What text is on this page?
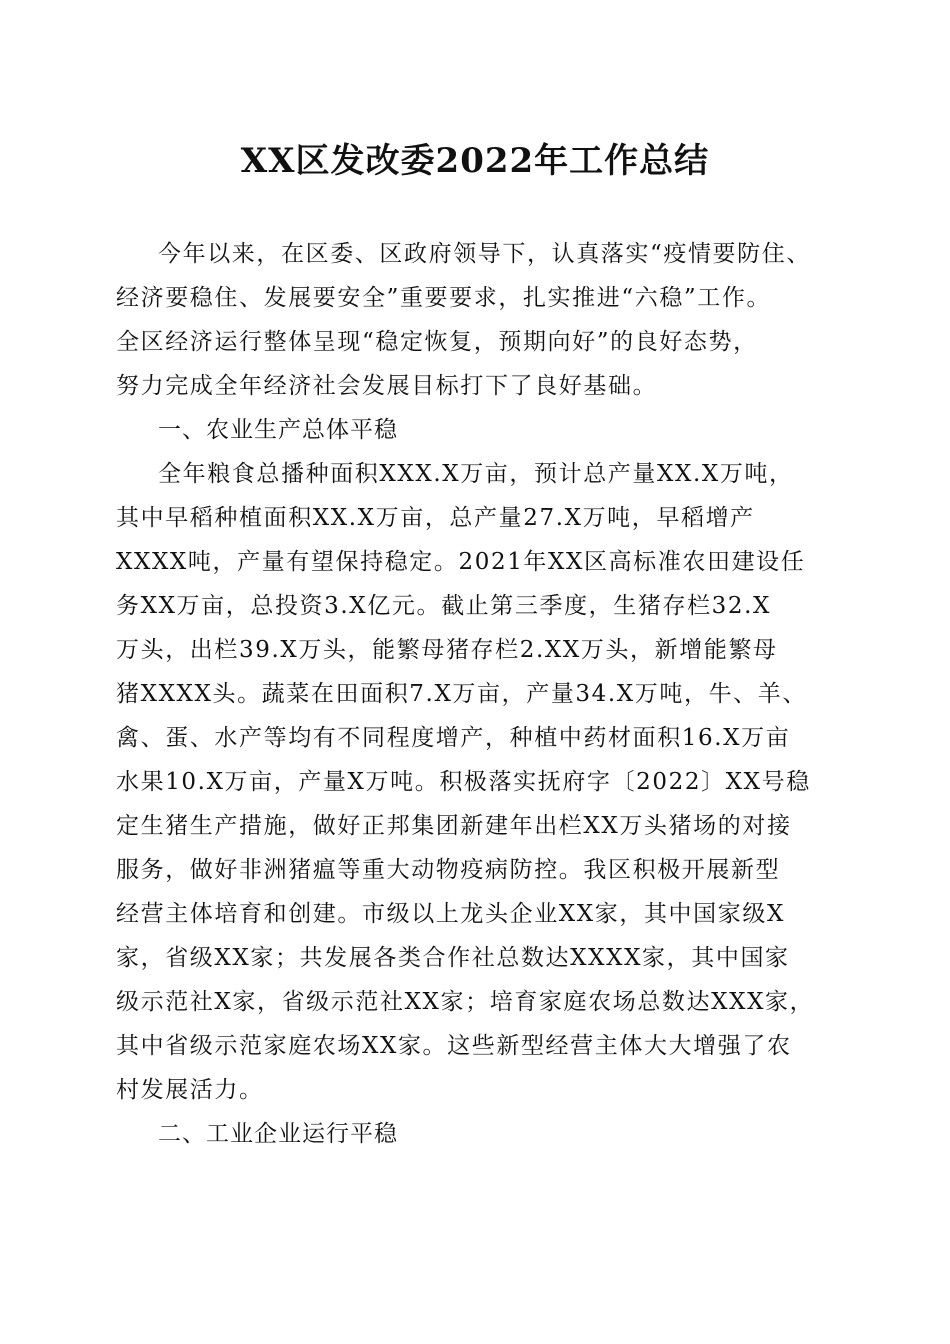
XX区发改委2022年工作总结
今年以来，在区委、区政府领导下，认真落实“疫情要防住、
经济要稳住、发展要安全”重要要求，扎实推进“六稳”工作。
全区经济运行整体呈现“稳定恢复，预期向好”的良好态势，
努力完成全年经济社会发展目标打下了良好基础。
一、农业生产总体平稳
全年粮食总播种面积XXX.X万亩，预计总产量XX.X万吨，
其中早稻种植面积XX.X万亩，总产量27.X万吨，早稻增产
XXXX吨，产量有望保持稳定。2021年XX区高标准农田建设任
务XX万亩，总投资3.X亿元。截止第三季度，生猪存栏32.X
万头，出栏39.X万头，能繁母猪存栏2.XX万头，新增能繁母
猪XXXX头。蔬菜在田面积7.X万亩，产量34.X万吨，牛、羊、
禽、蛋、水产等均有不同程度增产，种植中药材面积16.X万亩
水果10.X万亩，产量X万吨。积极落实抚府字〔2022〕XX号稳
定生猪生产措施，做好正邦集团新建年出栏XX万头猪场的对接
服务，做好非洲猪瘟等重大动物疫病防控。我区积极开展新型
经营主体培育和创建。市级以上龙头企业XX家，其中国家级X
家，省级XX家；共发展各类合作社总数达XXXX家，其中国家
级示范社X家，省级示范社XX家；培育家庭农场总数达XXX家，
其中省级示范家庭农场XX家。这些新型经营主体大大增强了农
村发展活力。
二、工业企业运行平稳
